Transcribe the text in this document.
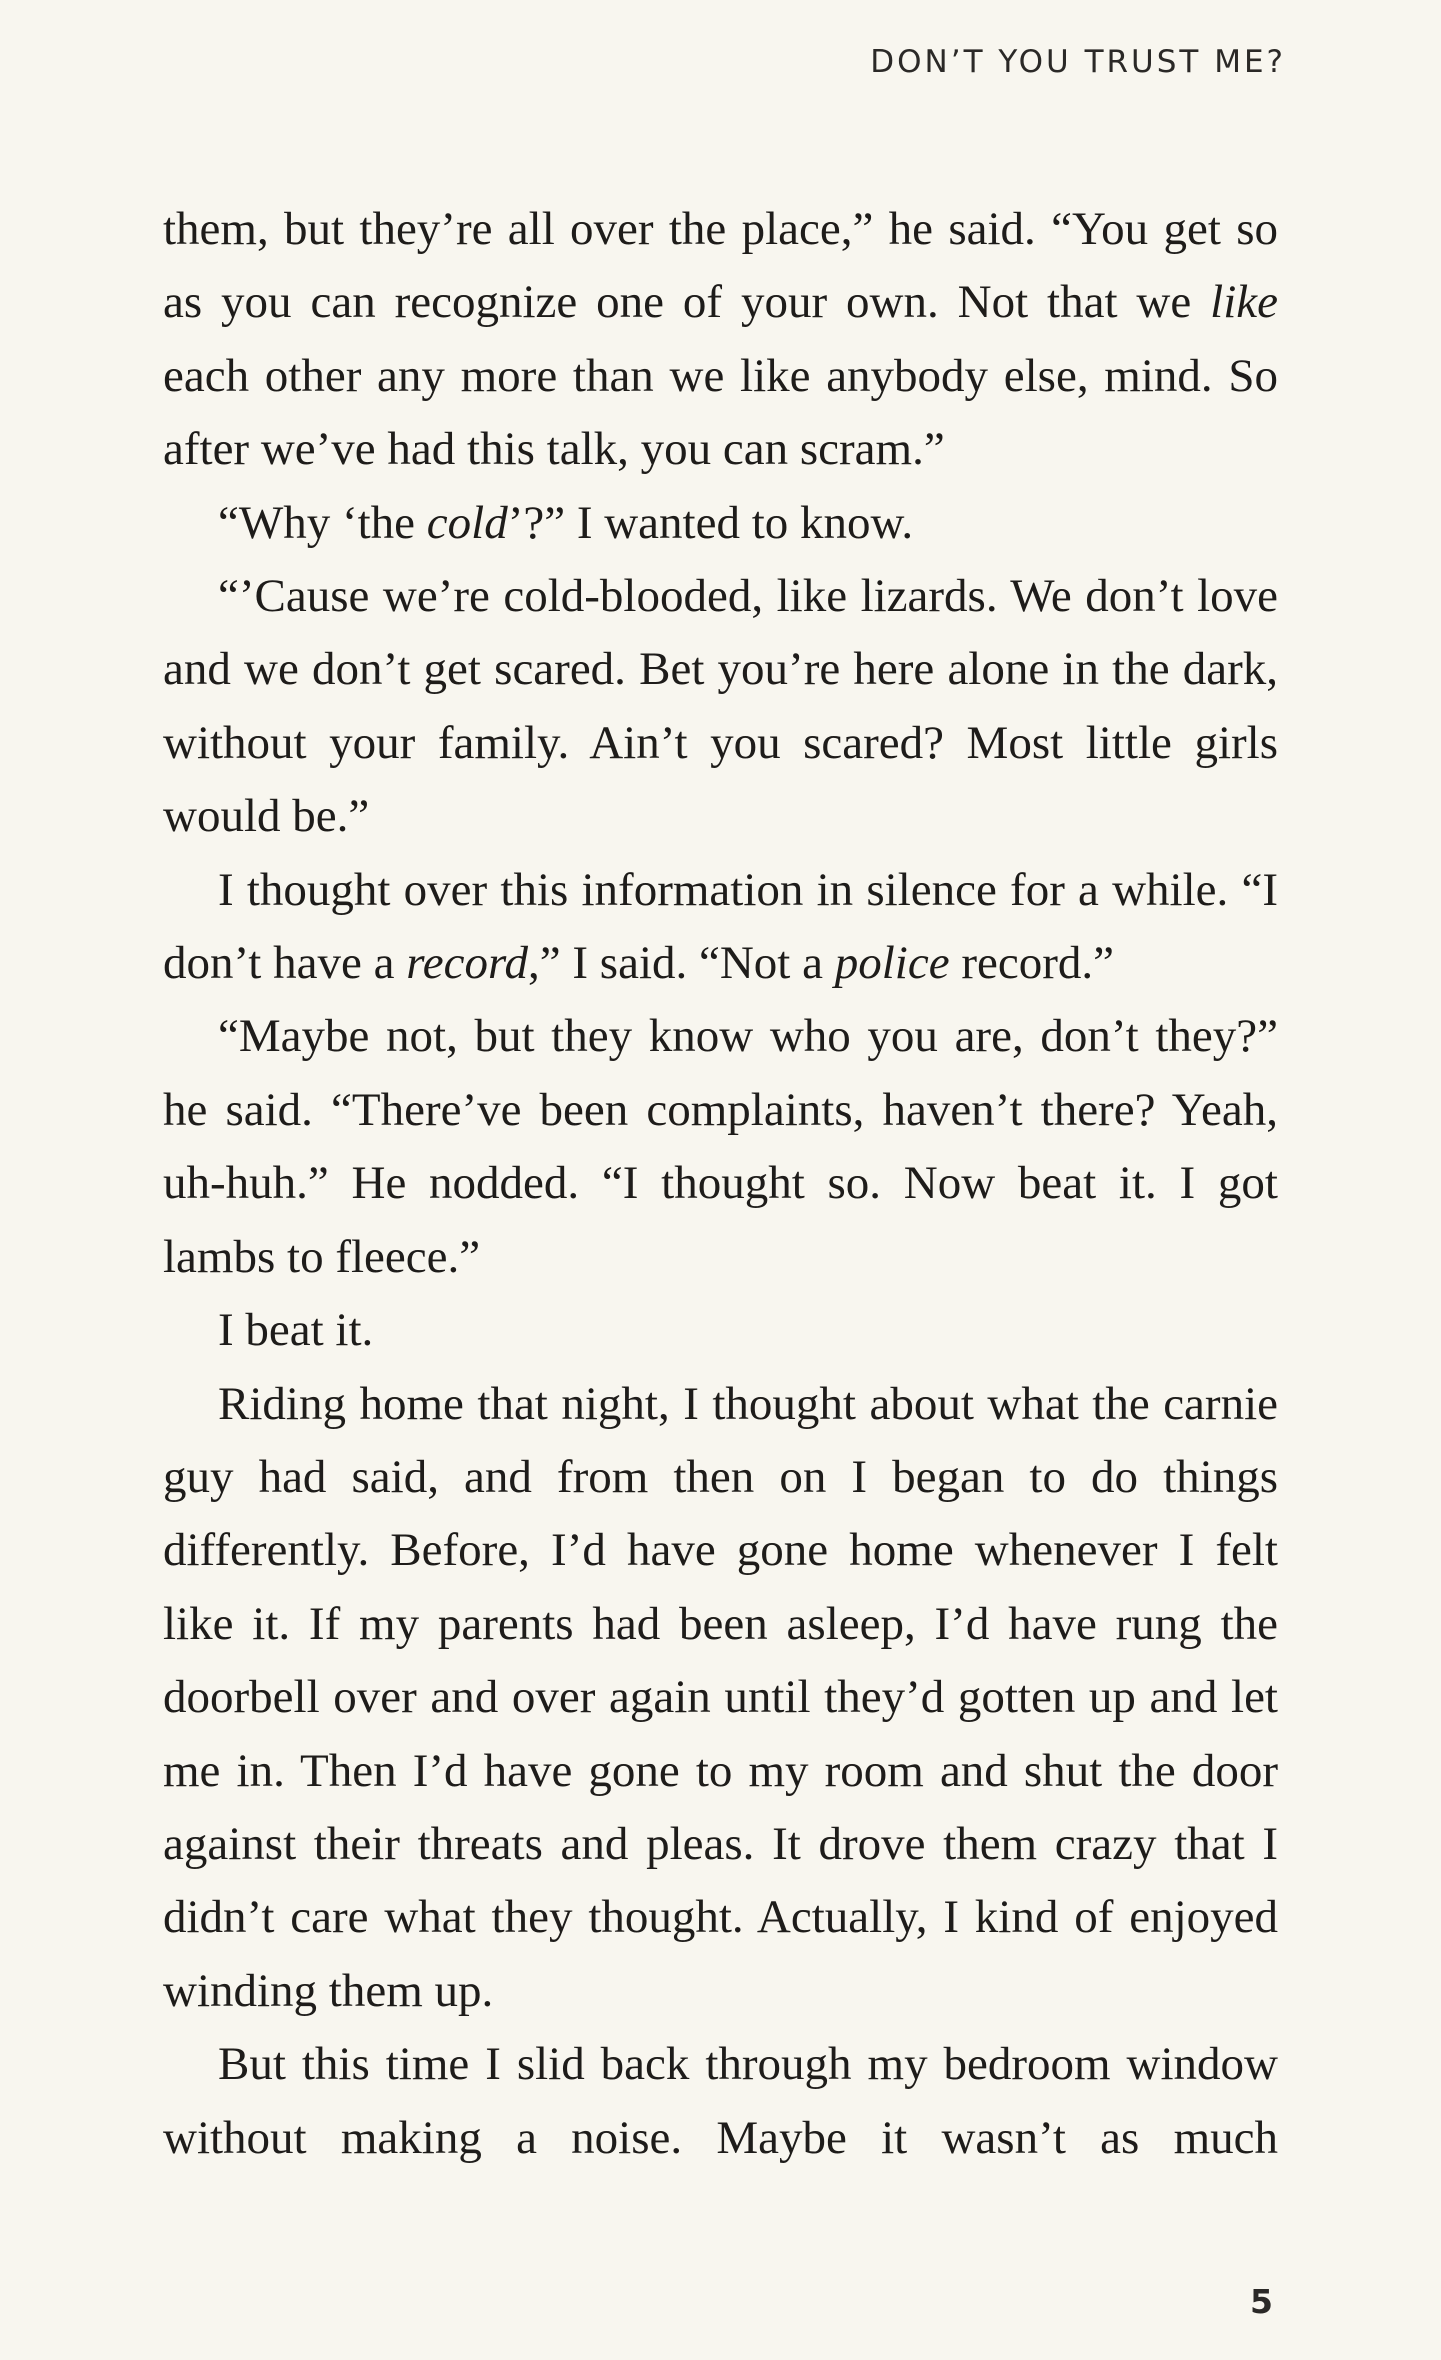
DON’T YOU TRUST ME?

them, but they’re all over the place,” he said. “You get so as you can recognize one of your own. Not that we like each other any more than we like anybody else, mind. So after we’ve had this talk, you can scram.”

“Why ‘the cold’?” I wanted to know.

“’Cause we’re cold-blooded, like lizards. We don’t love and we don’t get scared. Bet you’re here alone in the dark, without your family. Ain’t you scared? Most little girls would be.”

I thought over this information in silence for a while. “I don’t have a record,” I said. “Not a police record.”

“Maybe not, but they know who you are, don’t they?” he said. “There’ve been complaints, haven’t there? Yeah, uh-huh.” He nodded. “I thought so. Now beat it. I got lambs to fleece.”

I beat it.

Riding home that night, I thought about what the carnie guy had said, and from then on I began to do things differently. Before, I’d have gone home whenever I felt like it. If my parents had been asleep, I’d have rung the doorbell over and over again until they’d gotten up and let me in. Then I’d have gone to my room and shut the door against their threats and pleas. It drove them crazy that I didn’t care what they thought. Actually, I kind of enjoyed winding them up.

But this time I slid back through my bedroom window without making a noise. Maybe it wasn’t as much

5
